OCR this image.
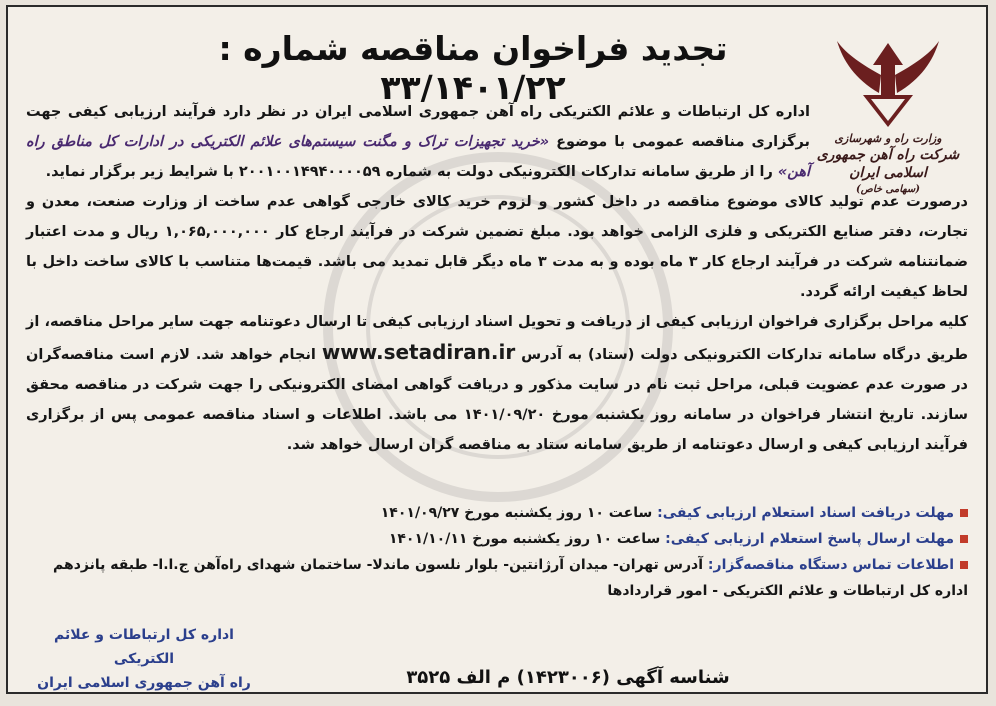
تجدید فراخوان مناقصه شماره : ۳۳/۱۴۰۱/۲۲
وزارت راه و شهرسازی
شرکت راه آهن جمهوری اسلامی ایران
(سهامی خاص)

اداره کل ارتباطات و علائم الکتریکی راه آهن جمهوری اسلامی ایران در نظر دارد فرآیند ارزیابی کیفی جهت برگزاری مناقصه عمومی با موضوع «خرید تجهیزات تراک و مگنت سیستم‌های علائم الکتریکی در ادارات کل مناطق راه آهن» را از طریق سامانه تدارکات الکترونیکی دولت به شماره ۲۰۰۱۰۰۱۴۹۴۰۰۰۰۵۹ با شرایط زیر برگزار نماید.

درصورت عدم تولید کالای موضوع مناقصه در داخل کشور و لزوم خرید کالای خارجی گواهی عدم ساخت از وزارت صنعت، معدن و تجارت، دفتر صنایع الکتریکی و فلزی الزامی خواهد بود. مبلغ تضمین شرکت در فرآیند ارجاع کار ۱,۰۶۵,۰۰۰,۰۰۰ ریال و مدت اعتبار ضمانتنامه شرکت در فرآیند ارجاع کار ۳ ماه بوده و به مدت ۳ ماه دیگر قابل تمدید می باشد. قیمت‌ها متناسب با کالای ساخت داخل با لحاظ کیفیت ارائه گردد.

کلیه مراحل برگزاری فراخوان ارزیابی کیفی از دریافت و تحویل اسناد ارزیابی کیفی تا ارسال دعوتنامه جهت سایر مراحل مناقصه، از طریق درگاه سامانه تدارکات الکترونیکی دولت (ستاد) به آدرس www.setadiran.ir انجام خواهد شد. لازم است مناقصه‌گران در صورت عدم عضویت قبلی، مراحل ثبت نام در سایت مذکور و دریافت گواهی امضای الکترونیکی را جهت شرکت در مناقصه محقق سازند. تاریخ انتشار فراخوان در سامانه روز یکشنبه مورخ ۱۴۰۱/۰۹/۲۰ می باشد. اطلاعات و اسناد مناقصه عمومی پس از برگزاری فرآیند ارزیابی کیفی و ارسال دعوتنامه از طریق سامانه ستاد به مناقصه گران ارسال خواهد شد.

مهلت دریافت اسناد استعلام ارزیابی کیفی: ساعت ۱۰ روز یکشنبه مورخ ۱۴۰۱/۰۹/۲۷
مهلت ارسال پاسخ استعلام ارزیابی کیفی: ساعت ۱۰ روز یکشنبه مورخ ۱۴۰۱/۱۰/۱۱
اطلاعات تماس دستگاه مناقصه‌گزار: آدرس تهران- میدان آرژانتین- بلوار نلسون ماندلا- ساختمان شهدای راه‌آهن ج.ا.ا- طبقه پانزدهم
اداره کل ارتباطات و علائم الکتریکی - امور قراردادها
اداره کل ارتباطات و علائم الکتریکی
راه آهن جمهوری اسلامی ایران	شناسه آگهی (۱۴۲۳۰۰۶) م الف ۳۵۲۵
